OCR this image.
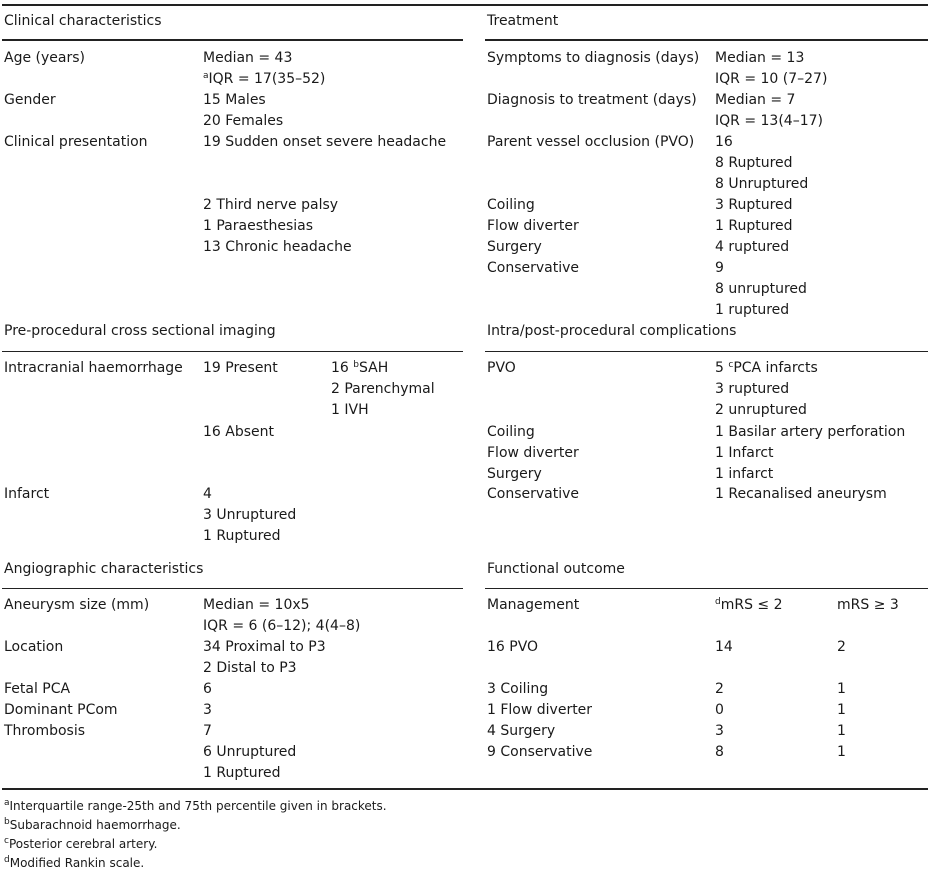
Clinical characteristics
Age (years)	Median = 43
$^a$IQR = 17(35–52)
Gender	15 Males
20 Females
Clinical presentation	19 Sudden onset severe headache
2 Third nerve palsy
1 Paraesthesias
13 Chronic headache
Pre-procedural cross sectional imaging
Intracranial haemorrhage 19 Present	16 $^b$SAH
2 Parenchymal
1 IVH
16 Absent
Infarct	4
3 Unruptured
1 Ruptured
Angiographic characteristics
Aneurysm size (mm)	Median = 10x5
IQR = 6 (6–12); 4(4–8)
Location	34 Proximal to P3
2 Distal to P3
Fetal PCA	6
Dominant PCom	3
Thrombosis	7
6 Unruptured
1 Ruptured
Treatment
Symptoms to diagnosis (days) Median = 13
IQR = 10 (7–27)
Diagnosis to treatment (days) Median = 7
IQR = 13(4–17)
Parent vessel occlusion (PVO) 16
8 Ruptured
8 Unruptured
Coiling	3 Ruptured
Flow diverter	1 Ruptured
Surgery	4 ruptured
Conservative	9
8 unruptured
1 ruptured
Intra/post-procedural complications
PVO	5 $^c$PCA infarcts
3 ruptured
2 unruptured
Coiling	1 Basilar artery perforation
Flow diverter	1 Infarct
Surgery	1 infarct
Conservative	1 Recanalised aneurysm
Functional outcome
Management	$^d$mRS ≤ 2	mRS ≥ 3
16 PVO	14	2
3 Coiling	2	1
1 Flow diverter	0	1
4 Surgery	3	1
9 Conservative	8	1
$^a$Interquartile range-25th and 75th percentile given in brackets.
$^b$Subarachnoid haemorrhage.
$^c$Posterior cerebral artery.
$^d$Modified Rankin scale.
